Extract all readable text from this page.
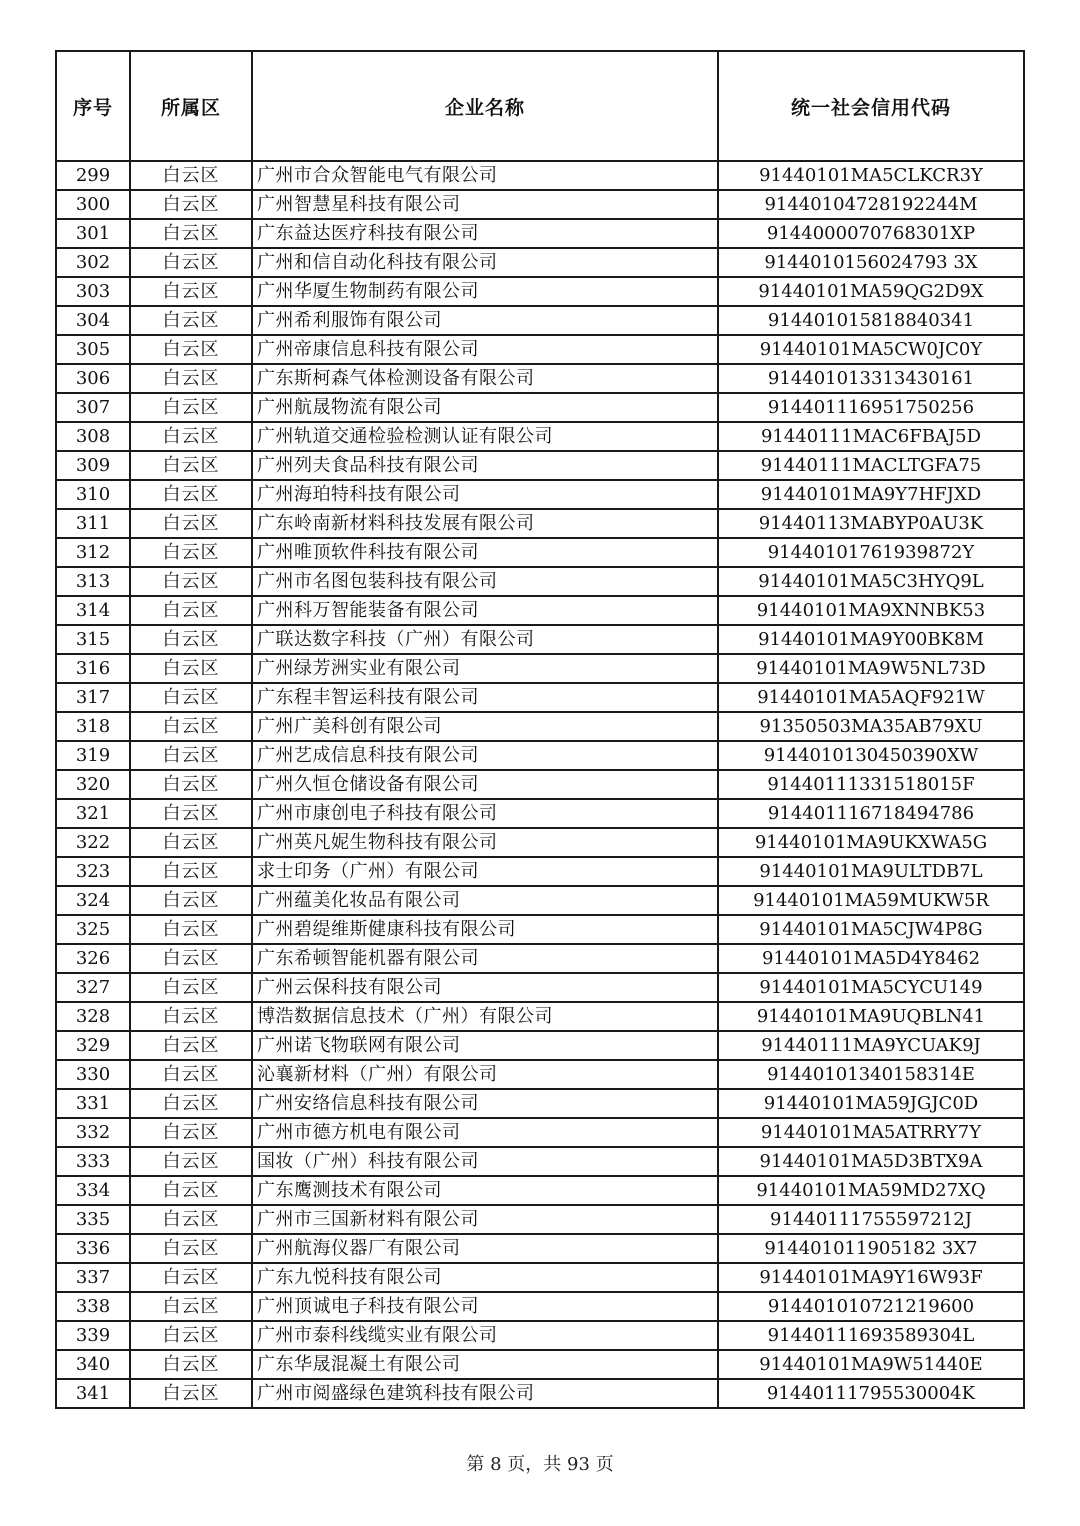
序号	所属区	企业名称	统一社会信用代码
299	白云区	广州市合众智能电气有限公司	91440101MA5CLKCR3Y
300	白云区	广州智慧星科技有限公司	91440104728192244M
301	白云区	广东益达医疗科技有限公司	9144000070768301XP
302	白云区	广州和信自动化科技有限公司	9144010156024793 3X
303	白云区	广州华厦生物制药有限公司	91440101MA59QG2D9X
304	白云区	广州希利服饰有限公司	914401015818840341
305	白云区	广州帝康信息科技有限公司	91440101MA5CW0JC0Y
306	白云区	广东斯柯森气体检测设备有限公司	914401013313430161
307	白云区	广州航晟物流有限公司	914401116951750256
308	白云区	广州轨道交通检验检测认证有限公司	91440111MAC6FBAJ5D
309	白云区	广州列夫食品科技有限公司	91440111MACLTGFA75
310	白云区	广州海珀特科技有限公司	91440101MA9Y7HFJXD
311	白云区	广东岭南新材料科技发展有限公司	91440113MABYP0AU3K
312	白云区	广州唯顶软件科技有限公司	91440101761939872Y
313	白云区	广州市名图包装科技有限公司	91440101MA5C3HYQ9L
314	白云区	广州科万智能装备有限公司	91440101MA9XNNBK53
315	白云区	广联达数字科技（广州）有限公司	91440101MA9Y00BK8M
316	白云区	广州绿芳洲实业有限公司	91440101MA9W5NL73D
317	白云区	广东程丰智运科技有限公司	91440101MA5AQF921W
318	白云区	广州广美科创有限公司	91350503MA35AB79XU
319	白云区	广州艺成信息科技有限公司	9144010130450390XW
320	白云区	广州久恒仓储设备有限公司	91440111331518015F
321	白云区	广州市康创电子科技有限公司	914401116718494786
322	白云区	广州英凡妮生物科技有限公司	91440101MA9UKXWA5G
323	白云区	求士印务（广州）有限公司	91440101MA9ULTDB7L
324	白云区	广州蕴美化妆品有限公司	91440101MA59MUKW5R
325	白云区	广州碧缇维斯健康科技有限公司	91440101MA5CJW4P8G
326	白云区	广东希顿智能机器有限公司	91440101MA5D4Y8462
327	白云区	广州云保科技有限公司	91440101MA5CYCU149
328	白云区	博浩数据信息技术（广州）有限公司	91440101MA9UQBLN41
329	白云区	广州诺飞物联网有限公司	91440111MA9YCUAK9J
330	白云区	沁襄新材料（广州）有限公司	91440101340158314E
331	白云区	广州安络信息科技有限公司	91440101MA59JGJC0D
332	白云区	广州市德方机电有限公司	91440101MA5ATRRY7Y
333	白云区	国妆（广州）科技有限公司	91440101MA5D3BTX9A
334	白云区	广东鹰测技术有限公司	91440101MA59MD27XQ
335	白云区	广州市三国新材料有限公司	91440111755597212J
336	白云区	广州航海仪器厂有限公司	914401011905182 3X7
337	白云区	广东九悦科技有限公司	91440101MA9Y16W93F
338	白云区	广州顶诚电子科技有限公司	914401010721219600
339	白云区	广州市泰科线缆实业有限公司	91440111693589304L
340	白云区	广东华晟混凝土有限公司	91440101MA9W51440E
341	白云区	广州市阅盛绿色建筑科技有限公司	91440111795530004K
第 8 页，共 93 页
